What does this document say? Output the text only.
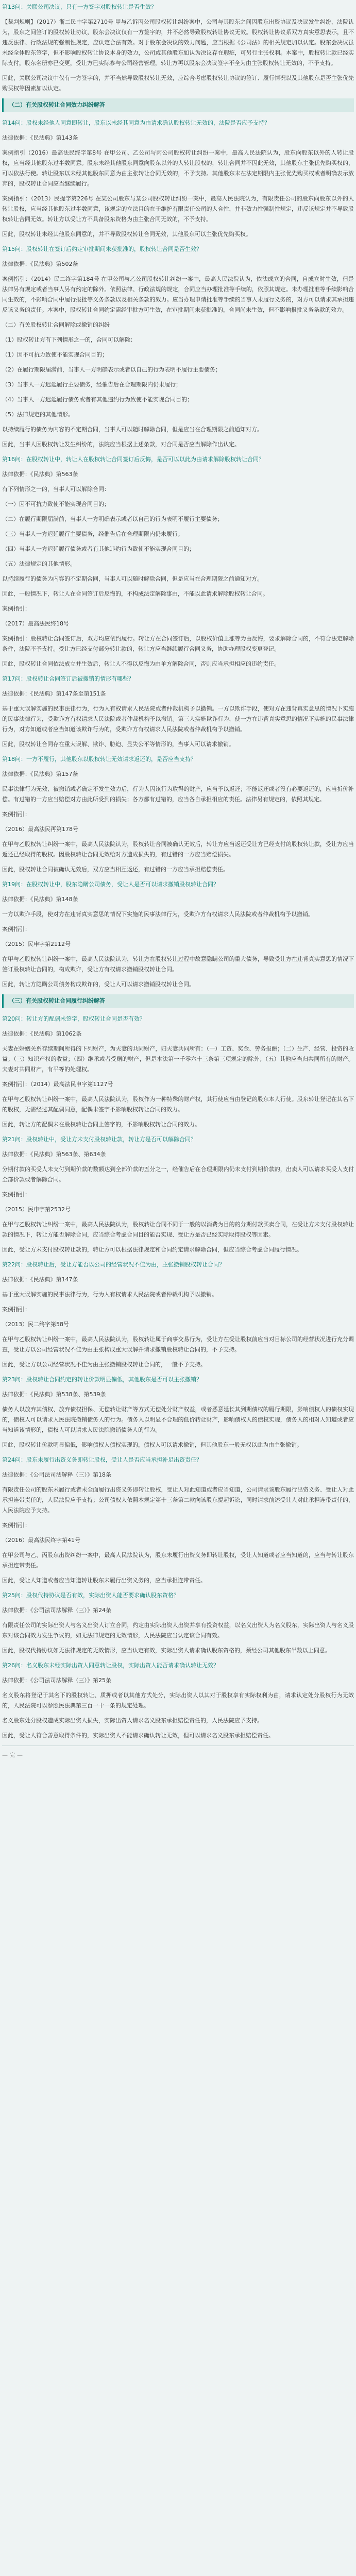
第13问：关联公司决议，只有一方签字对股权转让是否生效？
【裁判规则】（2017）浙二民中字第2710号 甲与乙诉丙公司股权转让纠纷案中，公司与其股东之间因股东出资协议及决议发生纠纷，法院认为，股东之间签订的股权转让协议，股东会决议仅有一方签字的，并不必然导致股权转让协议无效。股权转让协议系双方真实意思表示，且不违反法律、行政法规的强制性规定，应认定合法有效。对于股东会决议的效力问题，应当根据《公司法》的相关规定加以认定。股东会决议虽未经全体股东签字，但不影响股权转让协议本身的效力，公司或其他股东如认为决议存在瑕疵，可另行主张权利。本案中，股权转让款已经实际支付，股东名册亦已变更，受让方已实际参与公司经营管理，转让方再以股东会决议签字不全为由主张股权转让无效的，不予支持。
因此，关联公司决议中仅有一方签字的，并不当然导致股权转让无效，应综合考虑股权转让协议的签订、履行情况以及其他股东是否主张优先购买权等因素加以认定。
（二）有关股权转让合同效力纠纷解答
第14问：股权未经他人同意即转让，股东以未经其同意为由请求确认股权转让无效的，法院是否应予支持？
法律依据：《民法典》第143条
案例指引（2016）最高法民终字第8号 在甲公司、乙公司与丙公司股权转让纠纷一案中，最高人民法院认为，股东向股东以外的人转让股权，应当经其他股东过半数同意。股东未经其他股东同意向股东以外的人转让股权的，转让合同并不因此无效，其他股东主张优先购买权的，可以依法行使。转让股东以未经其他股东同意为由主张转让合同无效的，不予支持。其他股东未在法定期限内主张优先购买权或者明确表示放弃的，股权转让合同应当继续履行。
案例指引：（2013）民提字第226号 在某公司股东与某公司股权转让纠纷一案中，最高人民法院认为，有限责任公司的股东向股东以外的人转让股权，应当经其他股东过半数同意，该规定的立法目的在于维护有限责任公司的人合性，并非效力性强制性规定，违反该规定并不导致股权转让合同无效。转让方以受让方不具备股东资格为由主张合同无效的，不予支持。
因此，股权转让未经其他股东同意的，并不导致股权转让合同无效，其他股东可以主张优先购买权。
第15问：股权转让在签订后约定审批期间未获批准的，股权转让合同是否生效？
法律依据：《民法典》第502条
案例指引：（2014）民二终字第184号 在甲公司与乙公司股权转让纠纷一案中，最高人民法院认为，依法成立的合同，自成立时生效，但是法律另有规定或者当事人另有约定的除外。依照法律、行政法规的规定，合同应当办理批准等手续的，依照其规定。未办理批准等手续影响合同生效的，不影响合同中履行报批等义务条款以及相关条款的效力。应当办理申请批准等手续的当事人未履行义务的，对方可以请求其承担违反该义务的责任。本案中，股权转让合同约定需经审批方可生效，在审批期间未获批准的，合同尚未生效，但不影响报批义务条款的效力。
（二）有关股权转让合同解除或撤销的纠纷
（1）股权转让方有下列情形之一的，合同可以解除：
（1）因不可抗力致使不能实现合同目的；
（2）在履行期限届满前，当事人一方明确表示或者以自己的行为表明不履行主要债务；
（3）当事人一方迟延履行主要债务，经催告后在合理期限内仍未履行；
（4）当事人一方迟延履行债务或者有其他违约行为致使不能实现合同目的；
（5）法律规定的其他情形。
以持续履行的债务为内容的不定期合同，当事人可以随时解除合同，但是应当在合理期限之前通知对方。
因此，当事人因股权转让发生纠纷的，法院应当根据上述条款，对合同是否应当解除作出认定。
第16问：在股权转让中，转让人在股权转让合同签订后反悔，是否可以以此为由请求解除股权转让合同？
法律依据：《民法典》第563条
有下列情形之一的，当事人可以解除合同：
（一）因不可抗力致使不能实现合同目的；
（二）在履行期限届满前，当事人一方明确表示或者以自己的行为表明不履行主要债务；
（三）当事人一方迟延履行主要债务，经催告后在合理期限内仍未履行；
（四）当事人一方迟延履行债务或者有其他违约行为致使不能实现合同目的；
（五）法律规定的其他情形。
以持续履行的债务为内容的不定期合同，当事人可以随时解除合同，但是应当在合理期限之前通知对方。
因此，一般情况下，转让人在合同签订后反悔的，不构成法定解除事由，不能以此请求解除股权转让合同。
案例指引：
（2017）最高法民终18号
案例指引：股权转让合同签订后，双方均应依约履行。转让方在合同签订后，以股权价值上涨等为由反悔，要求解除合同的，不符合法定解除条件，法院不予支持。受让方已经支付部分转让款的，转让方应当继续履行合同义务，协助办理股权变更登记。
因此，股权转让合同依法成立并生效后，转让人不得以反悔为由单方解除合同，否则应当承担相应的违约责任。
第17问：股权转让合同签订后被撤销的情形有哪些？
法律依据：《民法典》第147条至第151条
基于重大误解实施的民事法律行为，行为人有权请求人民法院或者仲裁机构予以撤销。一方以欺诈手段，使对方在违背真实意思的情况下实施的民事法律行为，受欺诈方有权请求人民法院或者仲裁机构予以撤销。第三人实施欺诈行为，使一方在违背真实意思的情况下实施的民事法律行为，对方知道或者应当知道该欺诈行为的，受欺诈方有权请求人民法院或者仲裁机构予以撤销。
因此，股权转让合同存在重大误解、欺诈、胁迫、显失公平等情形的，当事人可以请求撤销。
第18问：一方不履行，其他股东以股权转让无效请求返还的，是否应当支持？
法律依据：《民法典》第157条
民事法律行为无效、被撤销或者确定不发生效力后，行为人因该行为取得的财产，应当予以返还；不能返还或者没有必要返还的，应当折价补偿。有过错的一方应当赔偿对方由此所受到的损失；各方都有过错的，应当各自承担相应的责任。法律另有规定的，依照其规定。
案例指引：
（2016）最高法民再第178号
在甲与乙股权转让纠纷一案中，最高人民法院认为，股权转让合同被确认无效后，转让方应当返还受让方已经支付的股权转让款，受让方应当返还已经取得的股权。因股权转让合同无效给对方造成损失的，有过错的一方应当赔偿损失。
因此，股权转让合同被确认无效后，双方应当相互返还，有过错的一方应当承担赔偿责任。
第19问：在股权转让中，股东隐瞒公司债务，受让人是否可以请求撤销股权转让合同？
法律依据：《民法典》第148条
一方以欺诈手段，使对方在违背真实意思的情况下实施的民事法律行为，受欺诈方有权请求人民法院或者仲裁机构予以撤销。
案例指引：
（2015）民申字第2112号
在甲与乙股权转让纠纷一案中，最高人民法院认为，转让方在股权转让过程中故意隐瞒公司的重大债务，导致受让方在违背真实意思的情况下签订股权转让合同的，构成欺诈，受让方有权请求撤销股权转让合同。
因此，转让方隐瞒公司债务构成欺诈的，受让人可以请求撤销股权转让合同。
（三）有关股权转让合同履行纠纷解答
第20问：转让方的配偶未签字，股权转让合同是否有效？
法律依据：《民法典》第1062条
夫妻在婚姻关系存续期间所得的下列财产，为夫妻的共同财产，归夫妻共同所有：（一）工资、奖金、劳务报酬；（二）生产、经营、投资的收益；（三）知识产权的收益；（四）继承或者受赠的财产，但是本法第一千零六十三条第三项规定的除外；（五）其他应当归共同所有的财产。夫妻对共同财产，有平等的处理权。
案例指引：（2014）最高法民申字第1127号
在甲与乙股权转让纠纷一案中，最高人民法院认为，股权作为一种特殊的财产权，其行使应当由登记的股东本人行使。股东转让登记在其名下的股权，无需经过其配偶同意，配偶未签字不影响股权转让合同的效力。
因此，转让方的配偶未在股权转让合同上签字的，不影响股权转让合同的效力。
第21问：股权转让中，受让方未支付股权转让款，转让方是否可以解除合同？
法律依据：《民法典》第563条、第634条
分期付款的买受人未支付到期价款的数额达到全部价款的五分之一，经催告后在合理期限内仍未支付到期价款的，出卖人可以请求买受人支付全部价款或者解除合同。
案例指引：
（2015）民申字第2532号
在甲与乙股权转让纠纷一案中，最高人民法院认为，股权转让合同不同于一般的以消费为目的的分期付款买卖合同，在受让方未支付股权转让款的情况下，转让方能否解除合同，应当综合考虑合同目的能否实现、受让方是否已经实际取得股权等因素。
因此，受让方未支付股权转让款的，转让方可以根据法律规定和合同约定请求解除合同，但应当综合考虑合同履行情况。
第22问：股权转让后，受让方能否以公司的经营状况不佳为由，主张撤销股权转让合同？
法律依据：《民法典》第147条
基于重大误解实施的民事法律行为，行为人有权请求人民法院或者仲裁机构予以撤销。
案例指引：
（2013）民二终字第58号
在甲与乙股权转让纠纷一案中，最高人民法院认为，股权转让属于商事交易行为，受让方在受让股权前应当对目标公司的经营状况进行充分调查，受让方以公司经营状况不佳为由主张构成重大误解并请求撤销股权转让合同的，不予支持。
因此，受让方以公司经营状况不佳为由主张撤销股权转让合同的，一般不予支持。
第23问：股权转让合同约定的转让价款明显偏低，其他股东是否可以主张撤销？
法律依据：《民法典》第538条、第539条
债务人以放弃其债权、放弃债权担保、无偿转让财产等方式无偿处分财产权益，或者恶意延长其到期债权的履行期限，影响债权人的债权实现的，债权人可以请求人民法院撤销债务人的行为。债务人以明显不合理的低价转让财产，影响债权人的债权实现，债务人的相对人知道或者应当知道该情形的，债权人可以请求人民法院撤销债务人的行为。
因此，股权转让价款明显偏低，影响债权人债权实现的，债权人可以请求撤销，但其他股东一般无权以此为由主张撤销。
第24问：股东未履行出资义务即转让股权，受让人是否应当承担补足出资责任？
法律依据：《公司法司法解释（三）》第18条
有限责任公司的股东未履行或者未全面履行出资义务即转让股权，受让人对此知道或者应当知道，公司请求该股东履行出资义务、受让人对此承担连带责任的，人民法院应予支持；公司债权人依照本规定第十三条第二款向该股东提起诉讼，同时请求前述受让人对此承担连带责任的，人民法院应予支持。
案例指引：
（2016）最高法民终字第41号
在甲公司与乙、丙股东出资纠纷一案中，最高人民法院认为，股东未履行出资义务即转让股权，受让人知道或者应当知道的，应当与转让股东承担连带责任。
因此，受让人知道或者应当知道转让股东未履行出资义务的，应当承担连带责任。
第25问：股权代持协议是否有效，实际出资人能否要求确认股东资格？
法律依据：《公司法司法解释（三）》第24条
有限责任公司的实际出资人与名义出资人订立合同，约定由实际出资人出资并享有投资权益，以名义出资人为名义股东，实际出资人与名义股东对该合同效力发生争议的，如无法律规定的无效情形，人民法院应当认定该合同有效。
因此，股权代持协议如无法律规定的无效情形，应当认定有效，实际出资人请求确认股东资格的，须经公司其他股东半数以上同意。
第26问：名义股东未经实际出资人同意转让股权，实际出资人能否请求确认转让无效？
法律依据：《公司法司法解释（三）》第25条
名义股东将登记于其名下的股权转让、质押或者以其他方式处分，实际出资人以其对于股权享有实际权利为由，请求认定处分股权行为无效的，人民法院可以参照民法典第三百一十一条的规定处理。
名义股东处分股权造成实际出资人损失，实际出资人请求名义股东承担赔偿责任的，人民法院应予支持。
因此，受让人符合善意取得条件的，实际出资人不能请求确认转让无效，但可以请求名义股东承担赔偿责任。
— 完 —
